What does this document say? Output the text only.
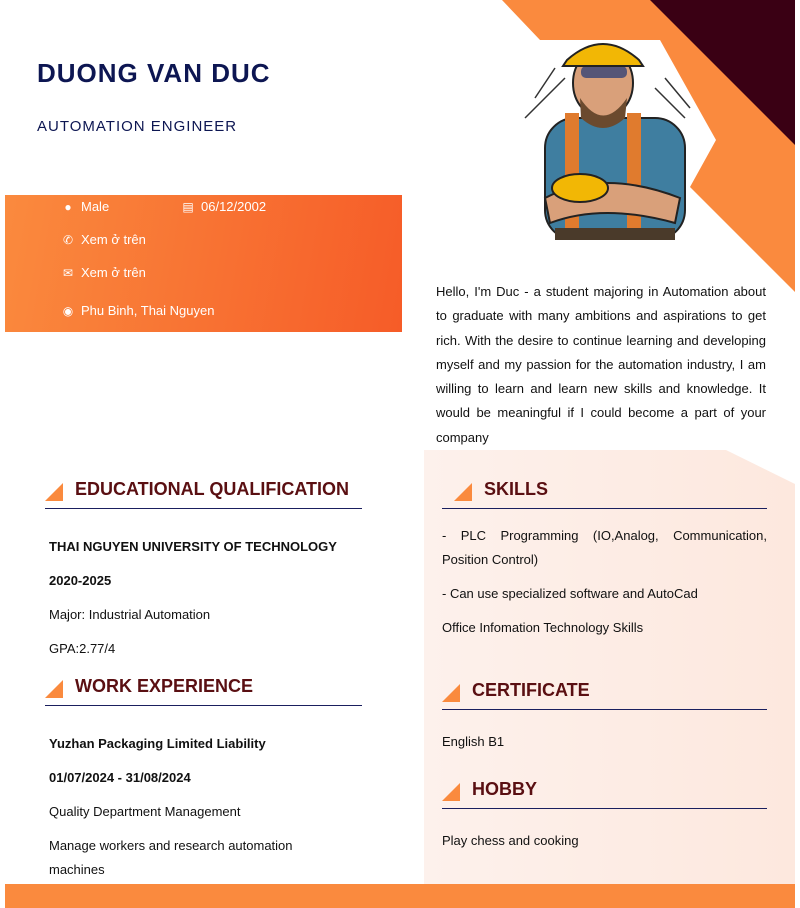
DUONG VAN DUC
AUTOMATION ENGINEER
● Male	▤ 06/12/2002
✆ Xem ở trên
✉ Xem ở trên
◉ Phu Binh, Thai Nguyen
Hello, I'm Duc - a student majoring in Automation about to graduate with many ambitions and aspirations to get rich. With the desire to continue learning and developing myself and my passion for the automation industry, I am willing to learn and learn new skills and knowledge. It would be meaningful if I could become a part of your company
EDUCATIONAL QUALIFICATION
THAI NGUYEN UNIVERSITY OF TECHNOLOGY
2020-2025
Major: Industrial Automation
GPA:2.77/4
WORK EXPERIENCE
Yuzhan Packaging Limited Liability
01/07/2024 - 31/08/2024
Quality Department Management
Manage workers and research automation machines
SKILLS
- PLC Programming (IO,Analog, Communication, Position Control)
- Can use specialized software and AutoCad
Office Infomation Technology Skills
CERTIFICATE
English B1
HOBBY
Play chess and cooking
